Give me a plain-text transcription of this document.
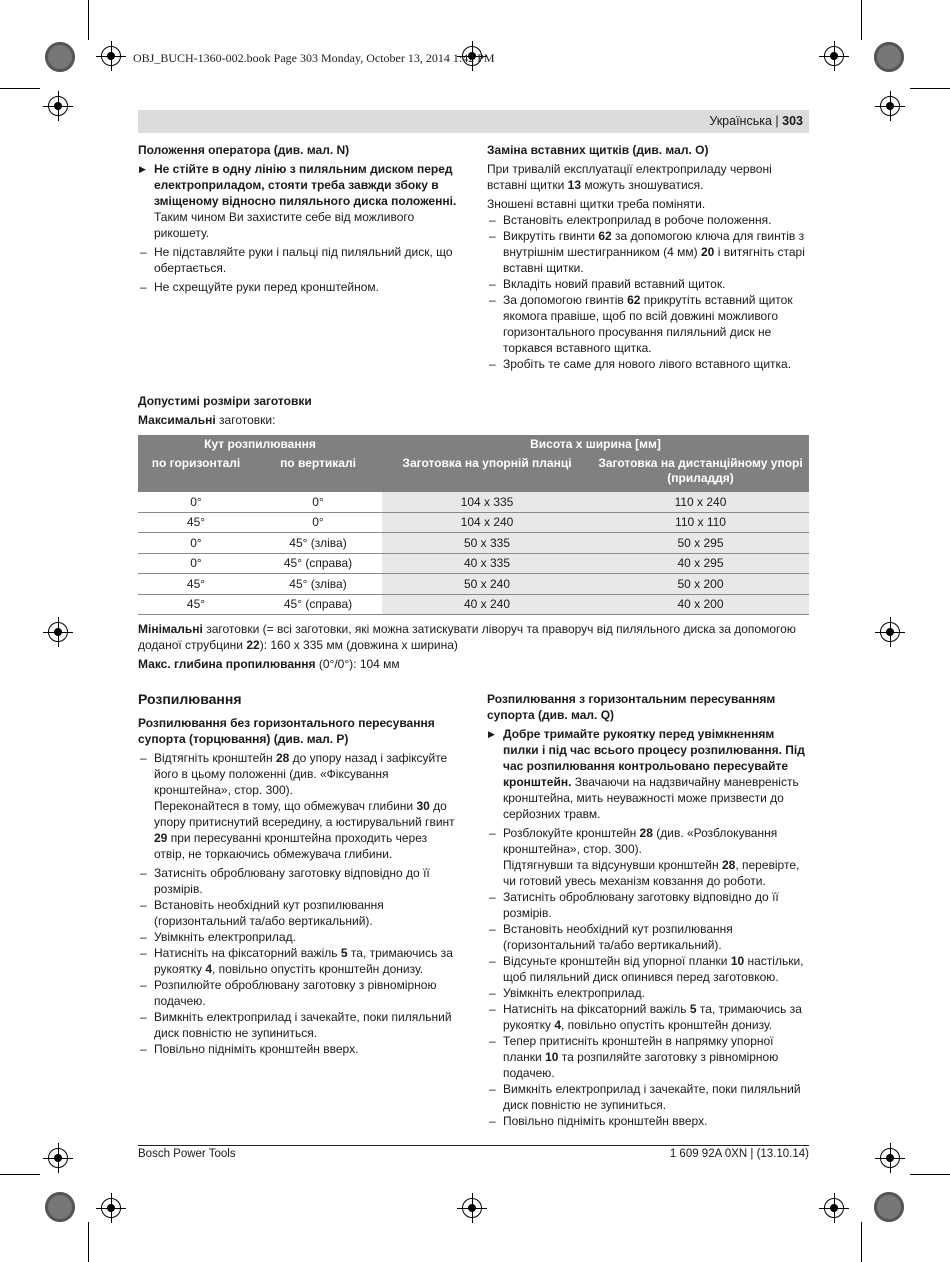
OBJ_BUCH-1360-002.book Page 303 Monday, October 13, 2014 1:42 PM
Українська | 303

Положення оператора (див. мал. N)

▶ Не стійте в одну лінію з пиляльним диском перед електроприладом, стояти треба завжди збоку в зміщеному відносно пиляльного диска положенні.
Таким чином Ви захистите себе від можливого рикошету.
– Не підставляйте руки і пальці під пиляльний диск, що обертається.
– Не схрещуйте руки перед кронштейном.

Заміна вставних щитків (див. мал. O)

При тривалій експлуатації електроприладу червоні вставні щитки 13 можуть зношуватися.

Зношені вставні щитки треба поміняти.

– Встановіть електроприлад в робоче положення.
– Викрутіть гвинти 62 за допомогою ключа для гвинтів з внутрішнім шестигранником (4 мм) 20 і витягніть старі вставні щитки.
– Вкладіть новий правий вставний щиток.
– За допомогою гвинтів 62 прикрутіть вставний щиток якомога правіше, щоб по всій довжині можливого горизонтального просування пиляльний диск не торкався вставного щитка.
– Зробіть те саме для нового лівого вставного щитка.

Допустимі розміри заготовки

Максимальні заготовки:

Кут розпилювання		Висота x ширина [мм]	
по горизонталі	по вертикалі	Заготовка на упорній планці	Заготовка на дистанційному упорі (приладдя)
0°	0°	104 x 335	110 x 240
45°	0°	104 x 240	110 x 110
0°	45° (зліва)	50 x 335	50 x 295
0°	45° (справа)	40 x 335	40 x 295
45°	45° (зліва)	50 x 240	50 x 200
45°	45° (справа)	40 x 240	40 x 200

Мінімальні заготовки (= всі заготовки, які можна затискувати ліворуч та праворуч від пиляльного диска за допомогою доданої струбцини 22): 160 x 335 мм (довжина x ширина)

Макс. глибина пропилювання (0°/0°): 104 мм

Розпилювання

Розпилювання без горизонтального пересування супорта (торцювання) (див. мал. P)

– Відтягніть кронштейн 28 до упору назад і зафіксуйте його в цьому положенні (див. «Фіксування кронштейна», стор. 300).
Переконайтеся в тому, що обмежувач глибини 30 до упору притиснутий всередину, а юстирувальний гвинт 29 при пересуванні кронштейна проходить через отвір, не торкаючись обмежувача глибини.
– Затисніть оброблювану заготовку відповідно до її розмірів.
– Встановіть необхідний кут розпилювання (горизонтальний та/або вертикальний).
– Увімкніть електроприлад.
– Натисніть на фіксаторний важіль 5 та, тримаючись за рукоятку 4, повільно опустіть кронштейн донизу.
– Розпилюйте оброблювану заготовку з рівномірною подачею.
– Вимкніть електроприлад і зачекайте, поки пиляльний диск повністю не зупиниться.
– Повільно підніміть кронштейн вверх.

Розпилювання з горизонтальним пересуванням супорта (див. мал. Q)

▶ Добре тримайте рукоятку перед увімкненням пилки і під час всього процесу розпилювання. Під час розпилювання контрольовано пересувайте кронштейн. Звачаючи на надзвичайну маневреність кронштейна, мить неуважності може призвести до серйозних травм.
– Розблокуйте кронштейн 28 (див. «Розблокування кронштейна», стор. 300).
Підтягнувши та відсунувши кронштейн 28, перевірте, чи готовий увесь механізм ковзання до роботи.
– Затисніть оброблювану заготовку відповідно до її розмірів.
– Встановіть необхідний кут розпилювання (горизонтальний та/або вертикальний).
– Відсуньте кронштейн від упорної планки 10 настільки, щоб пиляльний диск опинився перед заготовкою.
– Увімкніть електроприлад.
– Натисніть на фіксаторний важіль 5 та, тримаючись за рукоятку 4, повільно опустіть кронштейн донизу.
– Тепер притисніть кронштейн в напрямку упорної планки 10 та розпиляйте заготовку з рівномірною подачею.
– Вимкніть електроприлад і зачекайте, поки пиляльний диск повністю не зупиниться.
– Повільно підніміть кронштейн вверх.
Bosch Power Tools	1 609 92A 0XN | (13.10.14)
